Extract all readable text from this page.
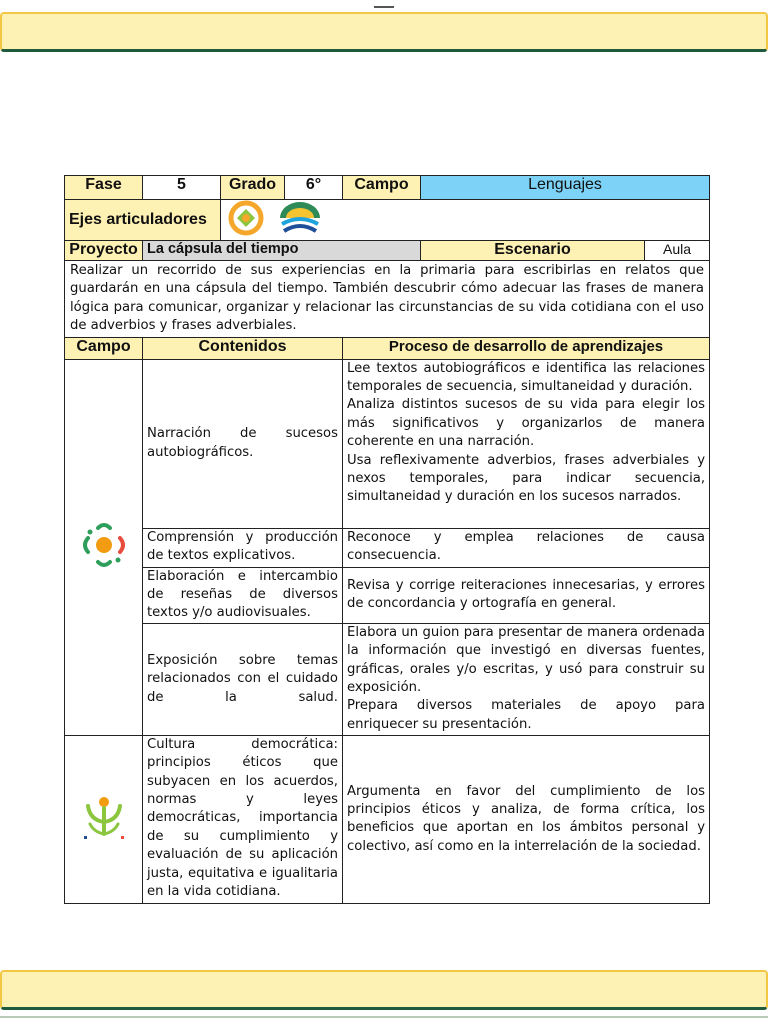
Fase	5	Grado	6°	Campo	Lenguajes	
Ejes articuladores	
Proyecto	La cápsula del tiempo				Escenario	Aula
Realizar un recorrido de sus experiencias en la primaria para escribirlas en relatos que guardarán en una cápsula del tiempo. También descubrir cómo adecuar las frases de manera lógica para comunicar, organizar y relacionar las circunstancias de su vida cotidiana con el uso de adverbios y frases adverbiales.						
Campo	Contenidos			Proceso de desarrollo de aprendizajes		
	Narración de sucesos autobiográficos.			Lee textos autobiográficos e identifica las relaciones temporales de secuencia, simultaneidad y duración.
Analiza distintos sucesos de su vida para elegir los más significativos y organizarlos de manera coherente en una narración.
Usa reflexivamente adverbios, frases adverbiales y nexos temporales, para indicar secuencia, simultaneidad y duración en los sucesos narrados.		
	Comprensión y producción de textos explicativos.			Reconoce y emplea relaciones de causa consecuencia.		
	Elaboración e intercambio de reseñas de diversos textos y/o audiovisuales.			Revisa y corrige reiteraciones innecesarias, y errores de concordancia y ortografía en general.		
	Exposición sobre temas relacionados con el cuidado de la salud.			Elabora un guion para presentar de manera ordenada la información que investigó en diversas fuentes, gráficas, orales y/o escritas, y usó para construir su exposición.
Prepara diversos materiales de apoyo para enriquecer su presentación.		
	Cultura democrática: principios éticos que subyacen en los acuerdos, normas y leyes democráticas, importancia de su cumplimiento y evaluación de su aplicación justa, equitativa e igualitaria en la vida cotidiana.			Argumenta en favor del cumplimiento de los principios éticos y analiza, de forma crítica, los beneficios que aportan en los ámbitos personal y colectivo, así como en la interrelación de la sociedad.		
